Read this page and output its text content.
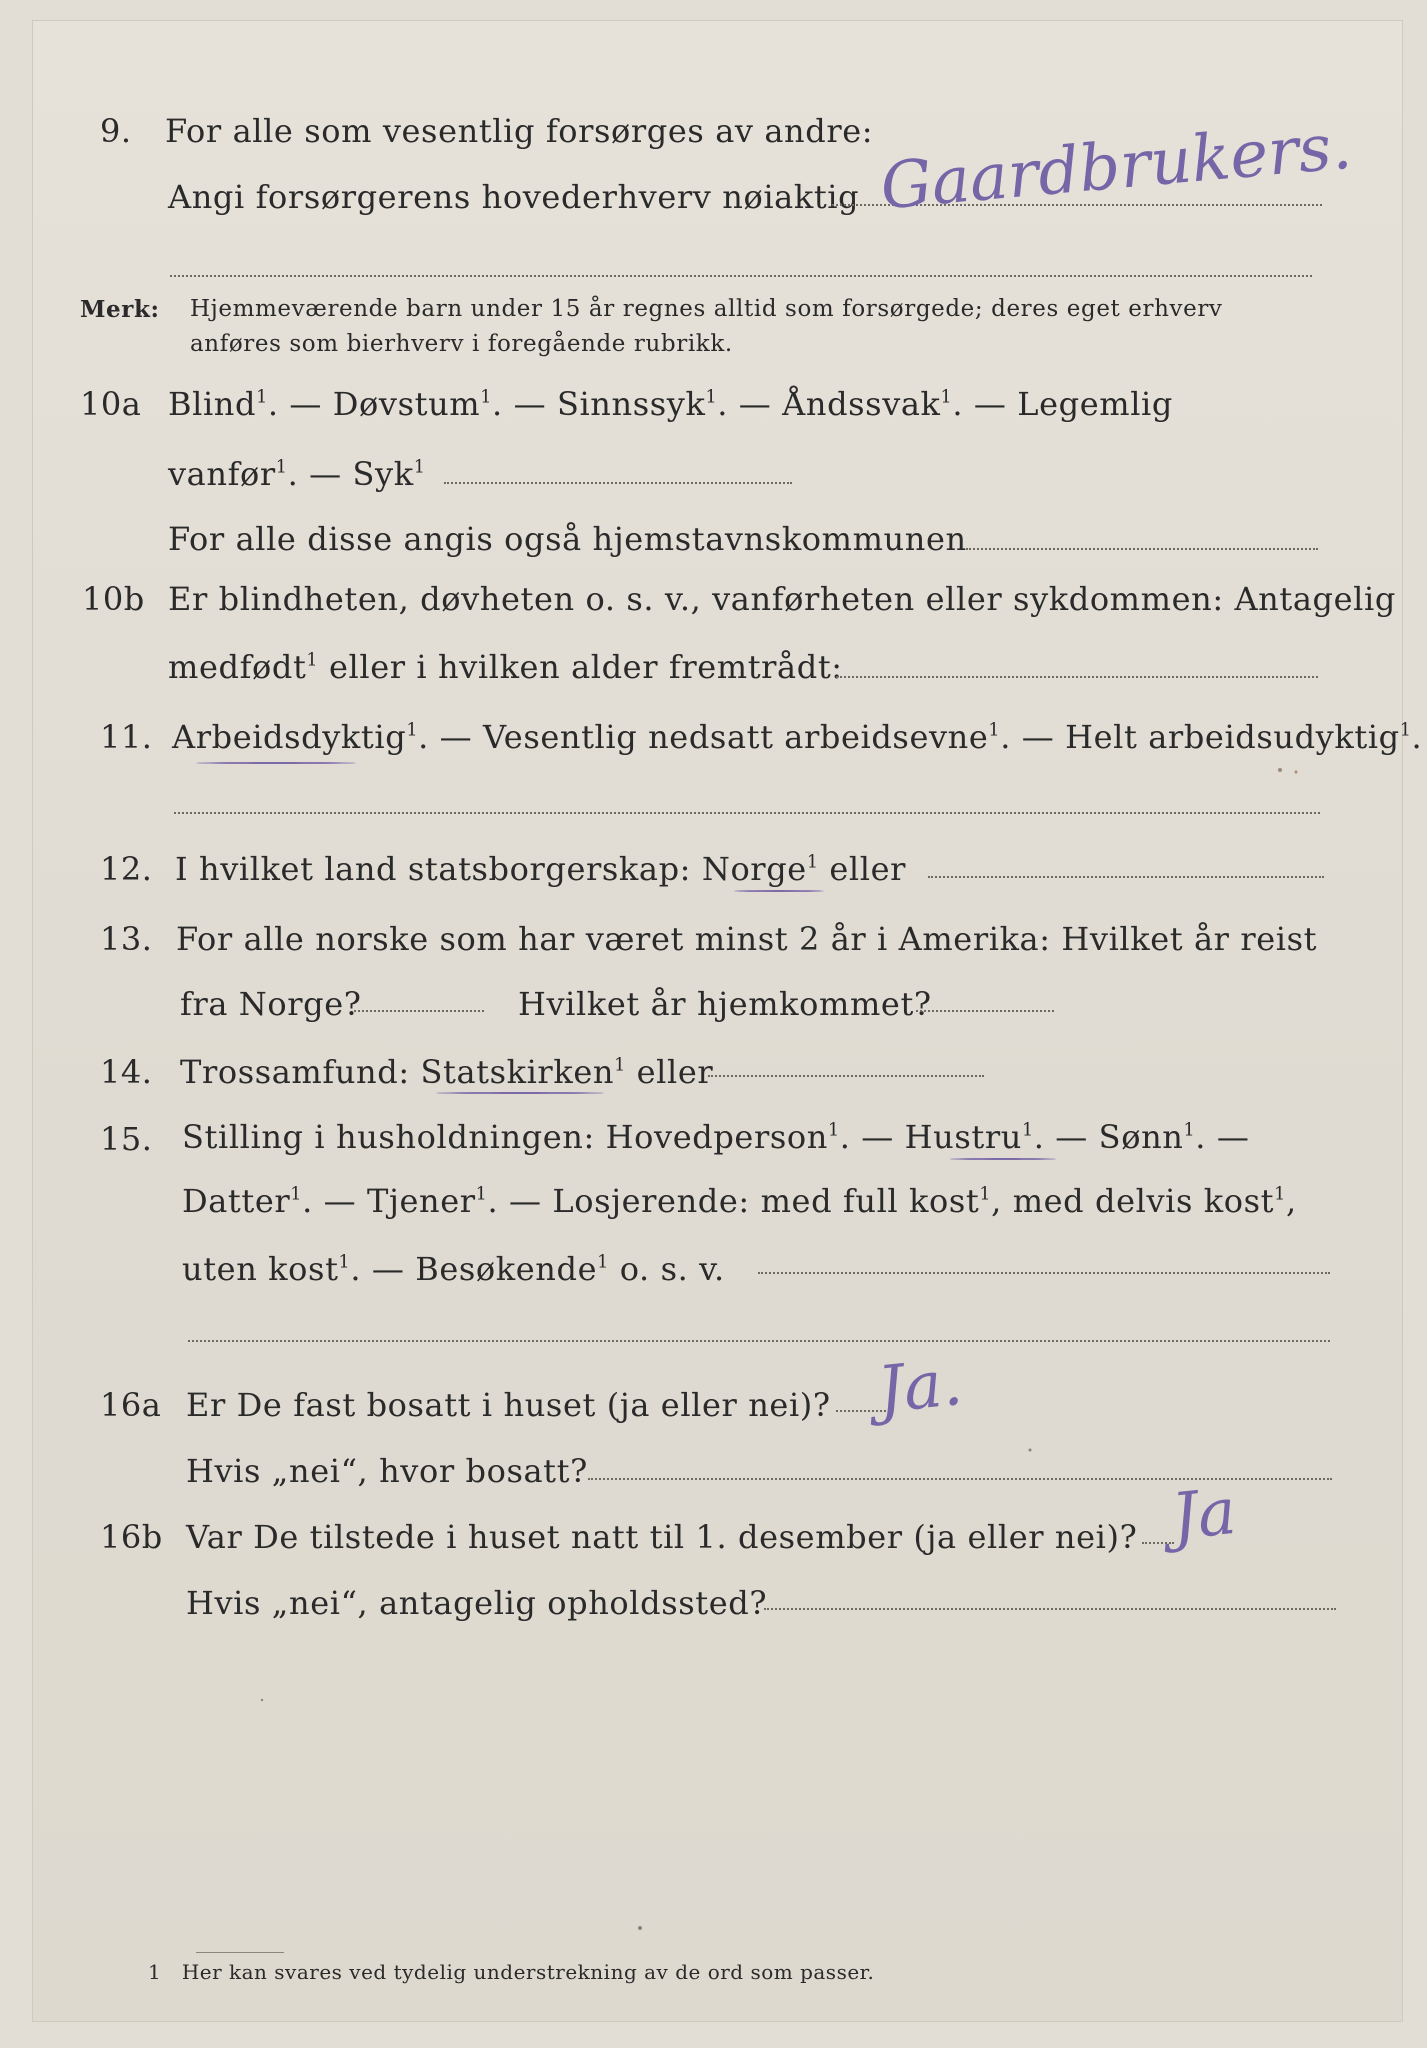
9. For alle som vesentlig forsørges av andre:
Angi forsørgerens hovederhverv nøiaktig Gaardbrukers.
Merk: Hjemmeværende barn under 15 år regnes alltid som forsørgede; deres eget erhverv
anføres som bierhverv i foregående rubrikk.
10a Blind$^1$. — Døvstum$^1$. — Sinnssyk$^1$. — Åndssvak$^1$. — Legemlig
vanfør$^1$. — Syk$^1$
For alle disse angis også hjemstavnskommunen
10b Er blindheten, døvheten o. s. v., vanførheten eller sykdommen: Antagelig
medfødt$^1$ eller i hvilken alder fremtrådt:
11. Arbeidsdyktig$^1$. — Vesentlig nedsatt arbeidsevne$^1$. — Helt arbeidsudyktig$^1$.
12. I hvilket land statsborgerskap: Norge$^1$ eller
13. For alle norske som har været minst 2 år i Amerika: Hvilket år reist
fra Norge?	Hvilket år hjemkommet?
14. Trossamfund: Statskirken$^1$ eller
15. Stilling i husholdningen: Hovedperson$^1$. — Hustru$^1$. — Sønn$^1$. —
Datter$^1$. — Tjener$^1$. — Losjerende: med full kost$^1$, med delvis kost$^1$,
uten kost$^1$. — Besøkende$^1$ o. s. v.
16a Er De fast bosatt i huset (ja eller nei)? Ja.
Hvis „nei“, hvor bosatt?
16b Var De tilstede i huset natt til 1. desember (ja eller nei)? Ja
Hvis „nei“, antagelig opholdssted?
1 Her kan svares ved tydelig understrekning av de ord som passer.
